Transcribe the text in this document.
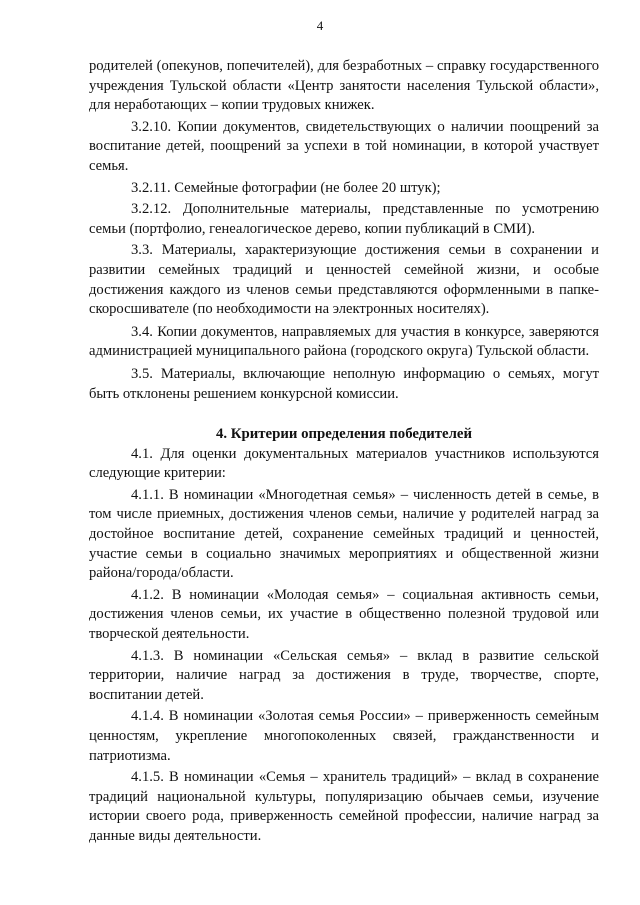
4

родителей (опекунов, попечителей), для безработных – справку государственного учреждения Тульской области «Центр занятости населения Тульской области», для неработающих – копии трудовых книжек.

3.2.10. Копии документов, свидетельствующих о наличии поощрений за воспитание детей, поощрений за успехи в той номинации, в которой участвует семья.

3.2.11. Семейные фотографии (не более 20 штук);

3.2.12. Дополнительные материалы, представленные по усмотрению семьи (портфолио, генеалогическое дерево, копии публикаций в СМИ).

3.3. Материалы, характеризующие достижения семьи в сохранении и развитии семейных традиций и ценностей семейной жизни, и особые достижения каждого из членов семьи представляются оформленными в папке-скоросшивателе (по необходимости на электронных носителях).

3.4. Копии документов, направляемых для участия в конкурсе, заверяются администрацией муниципального района (городского округа) Тульской области.

3.5. Материалы, включающие неполную информацию о семьях, могут быть отклонены решением конкурсной комиссии.

4. Критерии определения победителей

4.1. Для оценки документальных материалов участников используются следующие критерии:

4.1.1. В номинации «Многодетная семья» – численность детей в семье, в том числе приемных, достижения членов семьи, наличие у родителей наград за достойное воспитание детей, сохранение семейных традиций и ценностей, участие семьи в социально значимых мероприятиях и общественной жизни района/города/области.

4.1.2. В номинации «Молодая семья» – социальная активность семьи, достижения членов семьи, их участие в общественно полезной трудовой или творческой деятельности.

4.1.3. В номинации «Сельская семья» – вклад в развитие сельской территории, наличие наград за достижения в труде, творчестве, спорте, воспитании детей.

4.1.4. В номинации «Золотая семья России» – приверженность семейным ценностям, укрепление многопоколенных связей, гражданственности и патриотизма.

4.1.5. В номинации «Семья – хранитель традиций» – вклад в сохранение традиций национальной культуры, популяризацию обычаев семьи, изучение истории своего рода, приверженность семейной профессии, наличие наград за данные виды деятельности.
